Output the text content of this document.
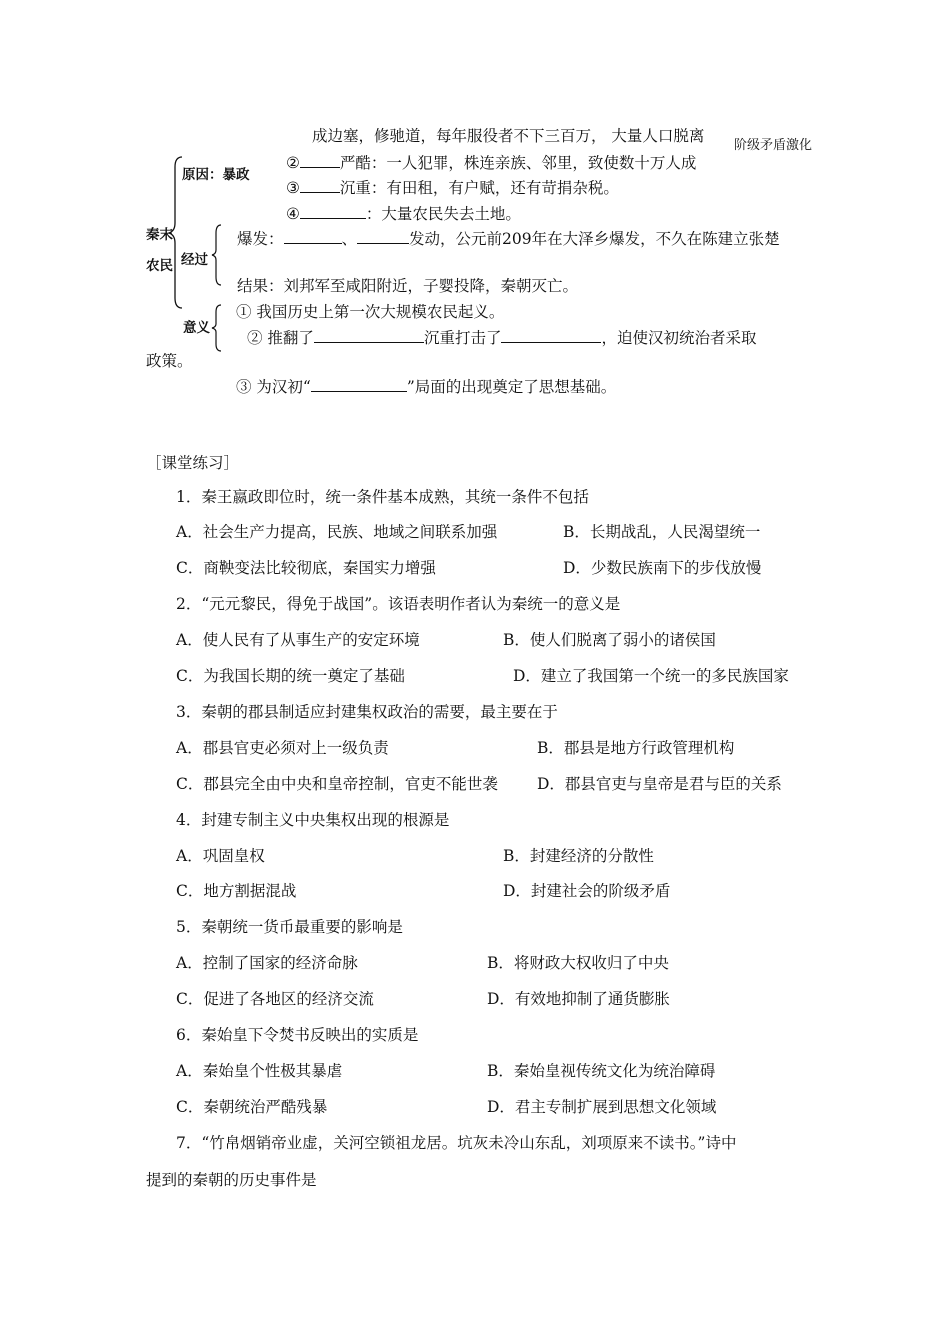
成边塞，修驰道，每年服役者不下三百万， 大量人口脱离
阶级矛盾激化
原因：暴政
②	严酷：一人犯罪，株连亲族、邻里，致使数十万人成
③	沉重：有田租，有户赋，还有苛捐杂税。
④	：大量农民失去土地。
秦末
农民 经过
爆发：	、	发动，公元前209年在大泽乡爆发，不久在陈建立张楚
结果：刘邦军至咸阳附近，子婴投降，秦朝灭亡。
意义
① 我国历史上第一次大规模农民起义。
② 推翻了	沉重打击了	，迫使汉初统治者采取
政策。
③ 为汉初“	”局面的出现奠定了思想基础。
［课堂练习］
1．秦王嬴政即位时，统一条件基本成熟，其统一条件不包括
A．社会生产力提高，民族、地域之间联系加强	B．长期战乱，人民渴望统一
C．商鞅变法比较彻底，秦国实力增强	D．少数民族南下的步伐放慢
2．“元元黎民，得免于战国”。该语表明作者认为秦统一的意义是
A．使人民有了从事生产的安定环境	B．使人们脱离了弱小的诸侯国
C．为我国长期的统一奠定了基础	D．建立了我国第一个统一的多民族国家
3．秦朝的郡县制适应封建集权政治的需要，最主要在于
A．郡县官吏必须对上一级负责	B．郡县是地方行政管理机构
C．郡县完全由中央和皇帝控制，官吏不能世袭	D．郡县官吏与皇帝是君与臣的关系
4．封建专制主义中央集权出现的根源是
A．巩固皇权	B．封建经济的分散性
C．地方割据混战	D．封建社会的阶级矛盾
5．秦朝统一货币最重要的影响是
A．控制了国家的经济命脉	B．将财政大权收归了中央
C．促进了各地区的经济交流	D．有效地抑制了通货膨胀
6．秦始皇下令焚书反映出的实质是
A．秦始皇个性极其暴虐	B．秦始皇视传统文化为统治障碍
C．秦朝统治严酷残暴	D．君主专制扩展到思想文化领域
7．“竹帛烟销帝业虚，关河空锁祖龙居。坑灰未冷山东乱，刘项原来不读书。”诗中
提到的秦朝的历史事件是
